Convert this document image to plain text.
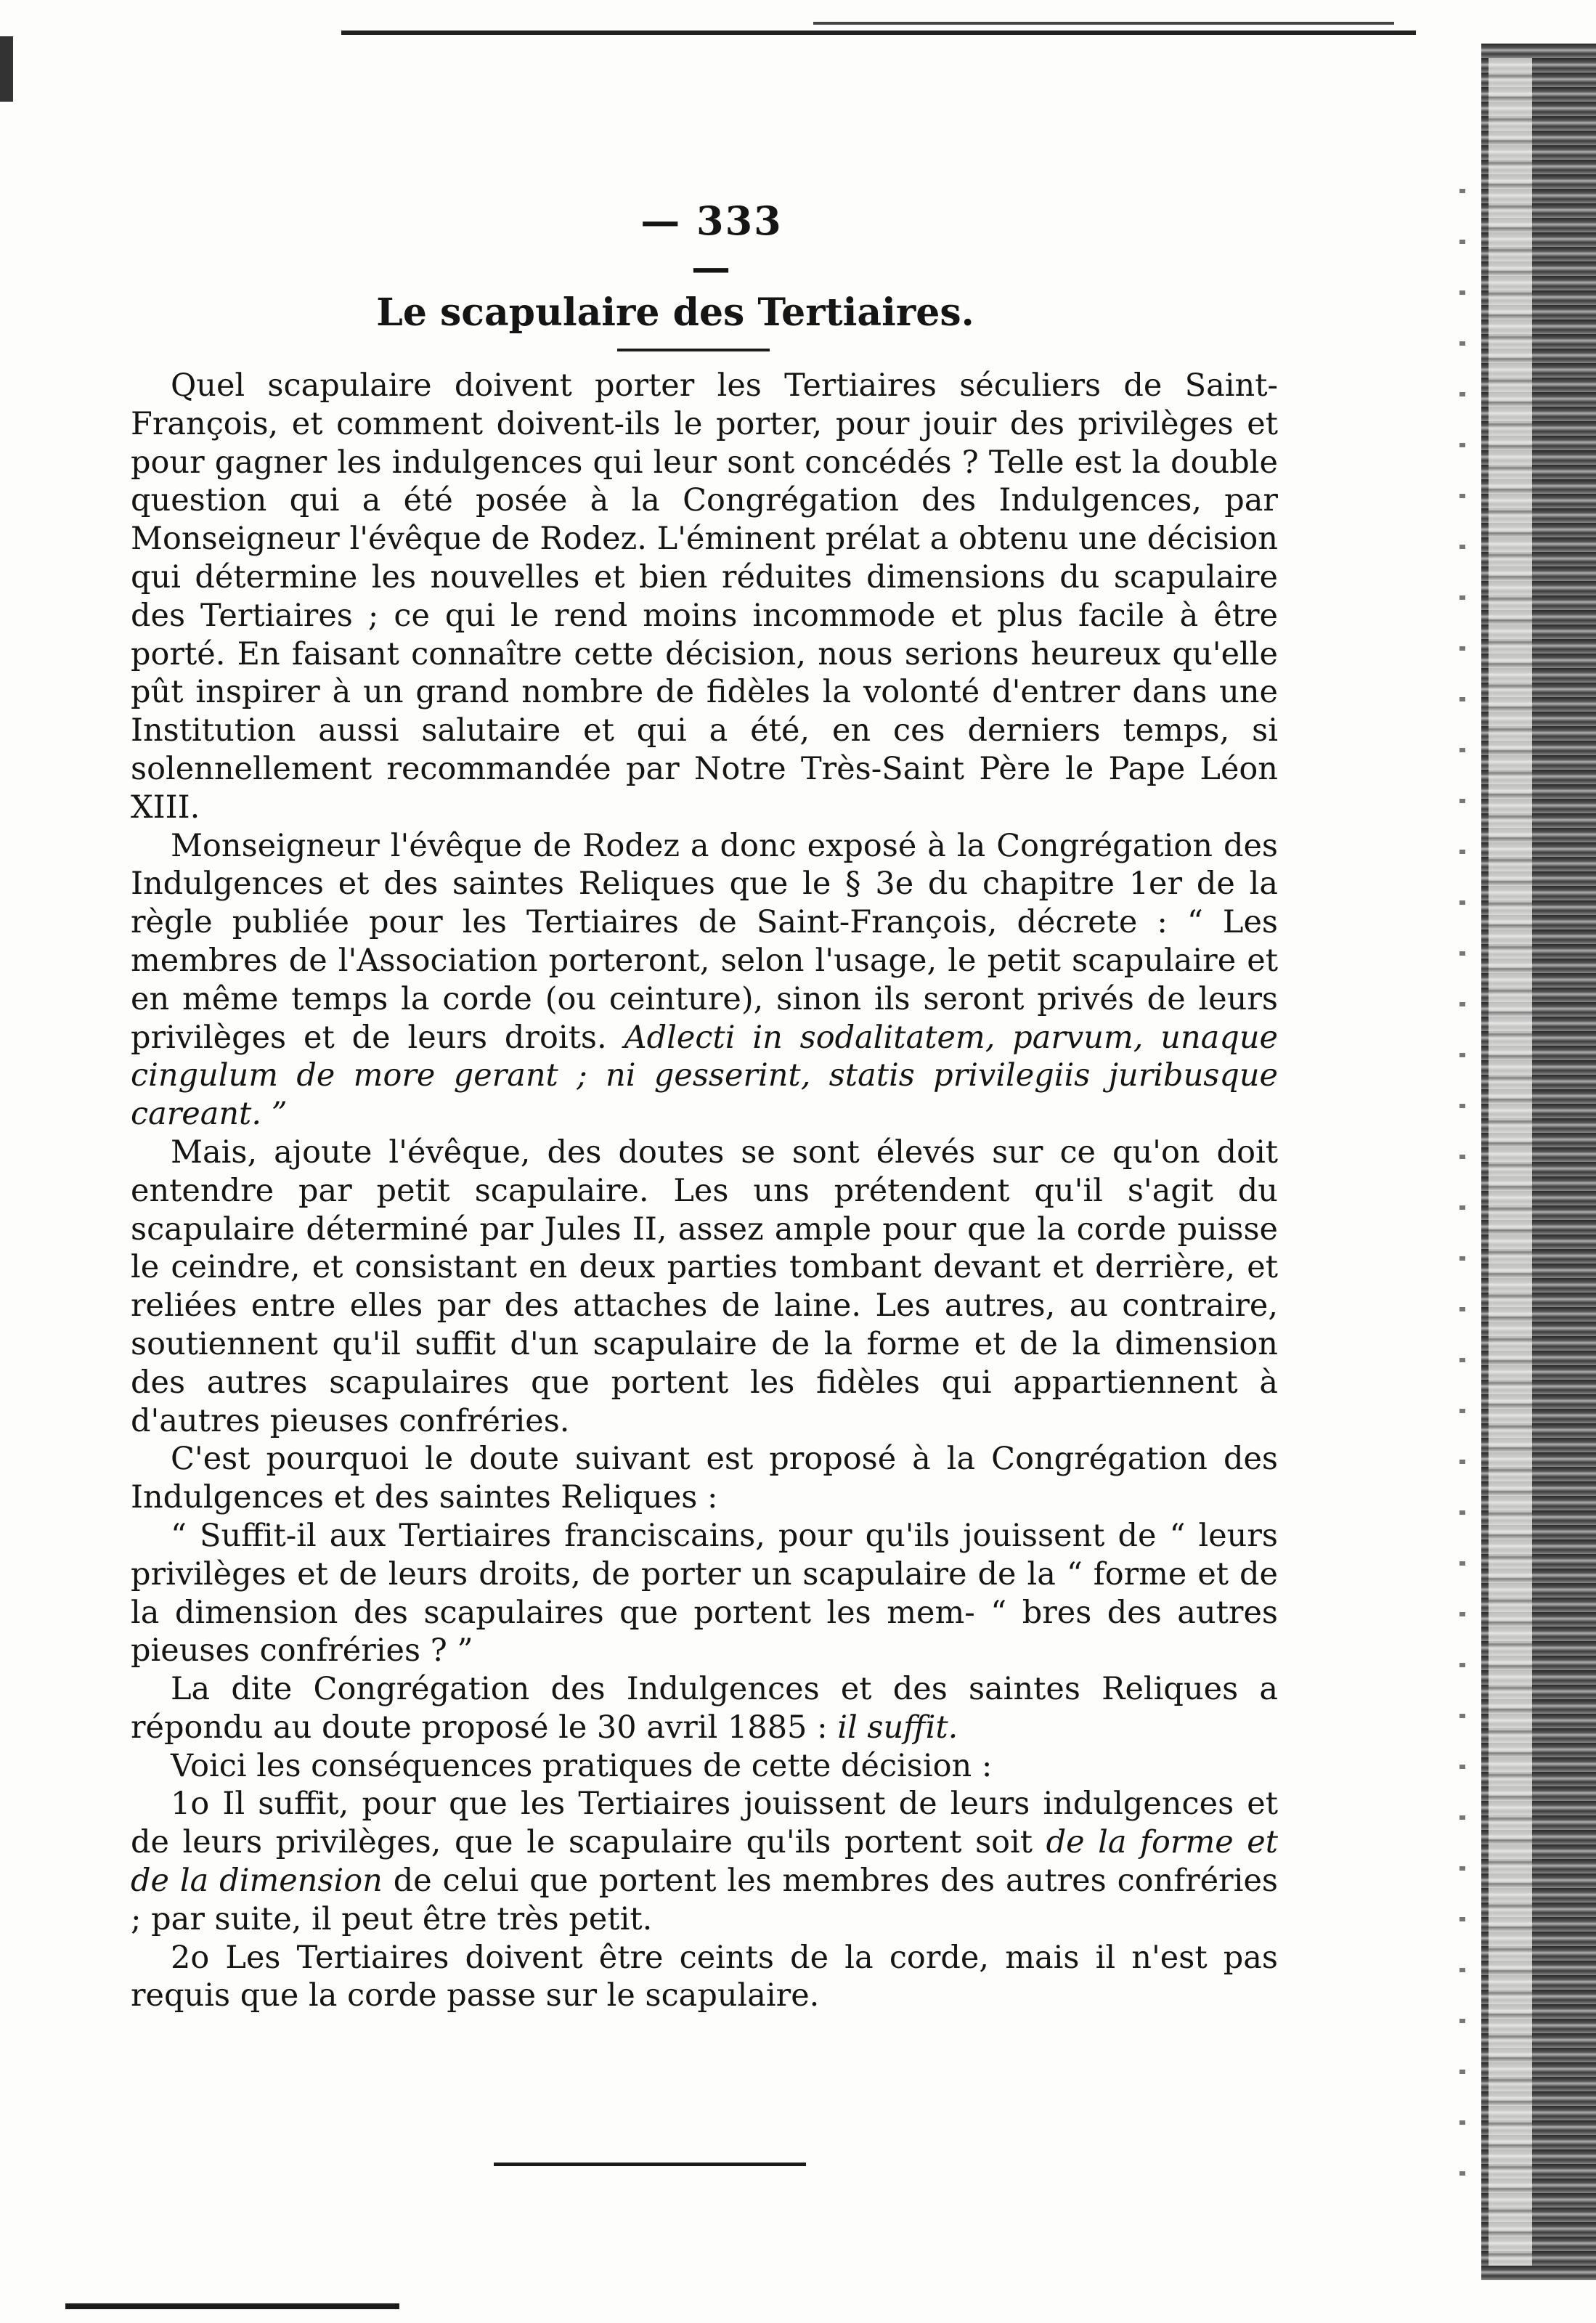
— 333 —
Le scapulaire des Tertiaires.

Quel scapulaire doivent porter les Tertiaires séculiers de Saint-François, et comment doivent-ils le porter, pour jouir des privilèges et pour gagner les indulgences qui leur sont concédés ? Telle est la double question qui a été posée à la Congrégation des Indulgences, par Monseigneur l'évêque de Rodez. L'éminent prélat a obtenu une décision qui détermine les nouvelles et bien réduites dimensions du scapulaire des Tertiaires ; ce qui le rend moins incommode et plus facile à être porté. En faisant connaître cette décision, nous serions heureux qu'elle pût inspirer à un grand nombre de fidèles la volonté d'entrer dans une Institution aussi salutaire et qui a été, en ces derniers temps, si solennellement recommandée par Notre Très-Saint Père le Pape Léon XIII.

Monseigneur l'évêque de Rodez a donc exposé à la Congrégation des Indulgences et des saintes Reliques que le § 3e du chapitre 1er de la règle publiée pour les Tertiaires de Saint-François, décrete : “ Les membres de l'Association porteront, selon l'usage, le petit scapulaire et en même temps la corde (ou ceinture), sinon ils seront privés de leurs privilèges et de leurs droits. Adlecti in sodalitatem, parvum, unaque cingulum de more gerant ; ni gesserint, statis privilegiis juribusque careant. ”

Mais, ajoute l'évêque, des doutes se sont élevés sur ce qu'on doit entendre par petit scapulaire. Les uns prétendent qu'il s'agit du scapulaire déterminé par Jules II, assez ample pour que la corde puisse le ceindre, et consistant en deux parties tombant devant et derrière, et reliées entre elles par des attaches de laine. Les autres, au contraire, soutiennent qu'il suffit d'un scapulaire de la forme et de la dimension des autres scapulaires que portent les fidèles qui appartiennent à d'autres pieuses confréries.

C'est pourquoi le doute suivant est proposé à la Congrégation des Indulgences et des saintes Reliques :

“ Suffit-il aux Tertiaires franciscains, pour qu'ils jouissent de “ leurs privilèges et de leurs droits, de porter un scapulaire de la “ forme et de la dimension des scapulaires que portent les mem- “ bres des autres pieuses confréries ? ”

La dite Congrégation des Indulgences et des saintes Reliques a répondu au doute proposé le 30 avril 1885 : il suffit.

Voici les conséquences pratiques de cette décision :

1o Il suffit, pour que les Tertiaires jouissent de leurs indulgences et de leurs privilèges, que le scapulaire qu'ils portent soit de la forme et de la dimension de celui que portent les membres des autres confréries ; par suite, il peut être très petit.

2o Les Tertiaires doivent être ceints de la corde, mais il n'est pas requis que la corde passe sur le scapulaire.
